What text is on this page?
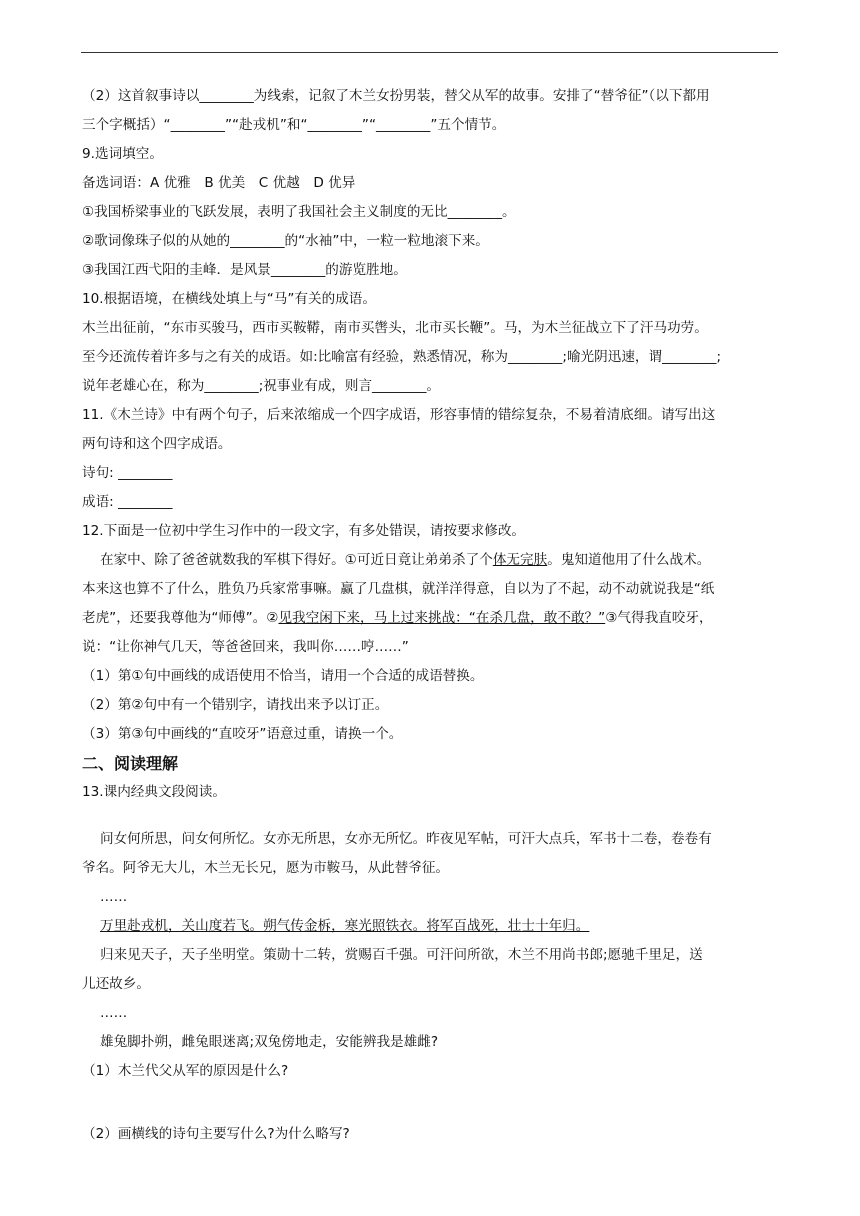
（2）这首叙事诗以________为线索，记叙了木兰女扮男装，替父从军的故事。安排了“替爷征”（以下都用
三个字概括）“________”“赴戎机”和“________”“________”五个情节。
9.选词填空。
备选词语：A 优雅　B 优美　C 优越　D 优异
①我国桥梁事业的飞跃发展，表明了我国社会主义制度的无比________。
②歌词像珠子似的从她的________的“水袖”中，一粒一粒地滚下来。
③我国江西弋阳的圭峰．是风景________的游览胜地。
10.根据语境，在横线处填上与“马”有关的成语。
木兰出征前，“东市买骏马，西市买鞍鞯，南市买辔头，北市买长鞭”。马，为木兰征战立下了汗马功劳。
至今还流传着许多与之有关的成语。如:比喻富有经验，熟悉情况，称为________;喻光阴迅速，谓________;
说年老雄心在，称为________;祝事业有成，则言________。
11.《木兰诗》中有两个句子，后来浓缩成一个四字成语，形容事情的错综复杂，不易着清底细。请写出这
两句诗和这个四字成语。
诗句: ________
成语: ________
12.下面是一位初中学生习作中的一段文字，有多处错误，请按要求修改。
在家中、除了爸爸就数我的军棋下得好。①可近日竟让弟弟杀了个体无完肤。鬼知道他用了什么战术。
本来这也算不了什么，胜负乃兵家常事嘛。赢了几盘棋，就洋洋得意，自以为了不起，动不动就说我是“纸
老虎”，还要我尊他为“师傅”。②见我空闲下来，马上过来挑战：“在杀几盘，敢不敢？”③气得我直咬牙，
说：“让你神气几天，等爸爸回来，我叫你……哼……”
（1）第①句中画线的成语使用不恰当，请用一个合适的成语替换。
（2）第②句中有一个错别字，请找出来予以订正。
（3）第③句中画线的“直咬牙”语意过重，请换一个。
二、阅读理解
13.课内经典文段阅读。
问女何所思，问女何所忆。女亦无所思，女亦无所忆。昨夜见军帖，可汗大点兵，军书十二卷，卷卷有
爷名。阿爷无大儿，木兰无长兄，愿为市鞍马，从此替爷征。
……
万里赴戎机，关山度若飞。朔气传金柝，寒光照铁衣。将军百战死，壮士十年归。
归来见天子，天子坐明堂。策勋十二转，赏赐百千强。可汗问所欲，木兰不用尚书郎;愿驰千里足，送
儿还故乡。
……
雄兔脚扑朔，雌兔眼迷离;双兔傍地走，安能辨我是雄雌?
（1）木兰代父从军的原因是什么?
（2）画横线的诗句主要写什么?为什么略写?
